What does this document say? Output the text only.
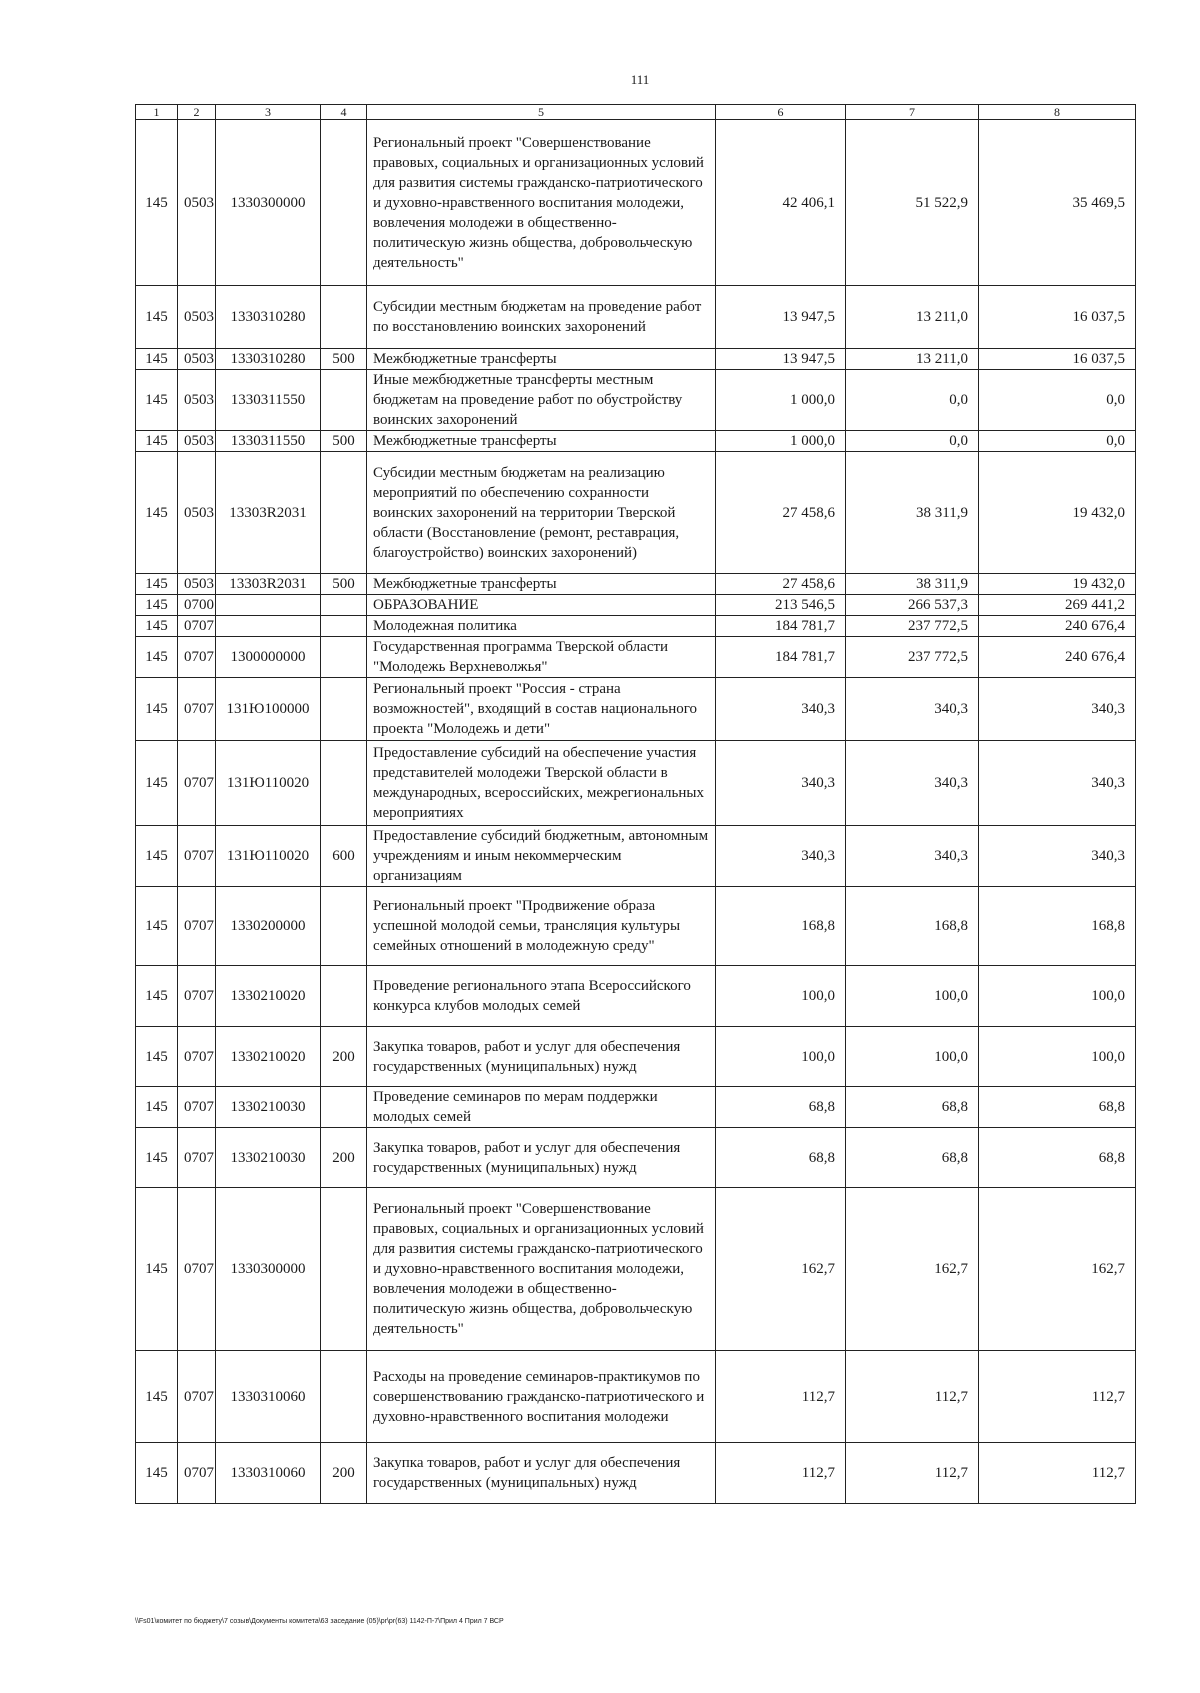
111
1	2	3	4	5	6	7	8
145	0503	1330300000		Региональный проект "Совершенствование правовых, социальных и организационных условий для развития системы гражданско-патриотического и духовно-нравственного воспитания молодежи, вовлечения молодежи в общественно-политическую жизнь общества, добровольческую деятельность"	42 406,1	51 522,9	35 469,5
145	0503	1330310280		Субсидии местным бюджетам на проведение работ по восстановлению воинских захоронений	13 947,5	13 211,0	16 037,5
145	0503	1330310280	500	Межбюджетные трансферты	13 947,5	13 211,0	16 037,5
145	0503	1330311550		Иные межбюджетные трансферты местным бюджетам на проведение работ по обустройству воинских захоронений	1 000,0	0,0	0,0
145	0503	1330311550	500	Межбюджетные трансферты	1 000,0	0,0	0,0
145	0503	13303R2031		Субсидии местным бюджетам на реализацию мероприятий по обеспечению сохранности воинских захоронений на территории Тверской области (Восстановление (ремонт, реставрация, благоустройство) воинских захоронений)	27 458,6	38 311,9	19 432,0
145	0503	13303R2031	500	Межбюджетные трансферты	27 458,6	38 311,9	19 432,0
145	0700			ОБРАЗОВАНИЕ	213 546,5	266 537,3	269 441,2
145	0707			Молодежная политика	184 781,7	237 772,5	240 676,4
145	0707	1300000000		Государственная программа Тверской области "Молодежь Верхневолжья"	184 781,7	237 772,5	240 676,4
145	0707	131Ю100000		Региональный проект "Россия - страна возможностей", входящий в состав национального проекта "Молодежь и дети"	340,3	340,3	340,3
145	0707	131Ю110020		Предоставление субсидий на обеспечение участия представителей молодежи Тверской области в международных, всероссийских, межрегиональных мероприятиях	340,3	340,3	340,3
145	0707	131Ю110020	600	Предоставление субсидий бюджетным, автономным учреждениям и иным некоммерческим организациям	340,3	340,3	340,3
145	0707	1330200000		Региональный проект "Продвижение образа успешной молодой семьи, трансляция культуры семейных отношений в молодежную среду"	168,8	168,8	168,8
145	0707	1330210020		Проведение регионального этапа Всероссийского конкурса клубов молодых семей	100,0	100,0	100,0
145	0707	1330210020	200	Закупка товаров, работ и услуг для обеспечения государственных (муниципальных) нужд	100,0	100,0	100,0
145	0707	1330210030		Проведение семинаров по мерам поддержки молодых семей	68,8	68,8	68,8
145	0707	1330210030	200	Закупка товаров, работ и услуг для обеспечения государственных (муниципальных) нужд	68,8	68,8	68,8
145	0707	1330300000		Региональный проект "Совершенствование правовых, социальных и организационных условий для развития системы гражданско-патриотического и духовно-нравственного воспитания молодежи, вовлечения молодежи в общественно-политическую жизнь общества, добровольческую деятельность"	162,7	162,7	162,7
145	0707	1330310060		Расходы на проведение семинаров-практикумов по совершенствованию гражданско-патриотического и духовно-нравственного воспитания молодежи	112,7	112,7	112,7
145	0707	1330310060	200	Закупка товаров, работ и услуг для обеспечения государственных (муниципальных) нужд	112,7	112,7	112,7
\\Fs01\комитет по бюджету\7 созыв\Документы комитета\63 заседание (05)\pr\pr(63) 1142-П-7\Прил 4 Прил 7 ВСР
